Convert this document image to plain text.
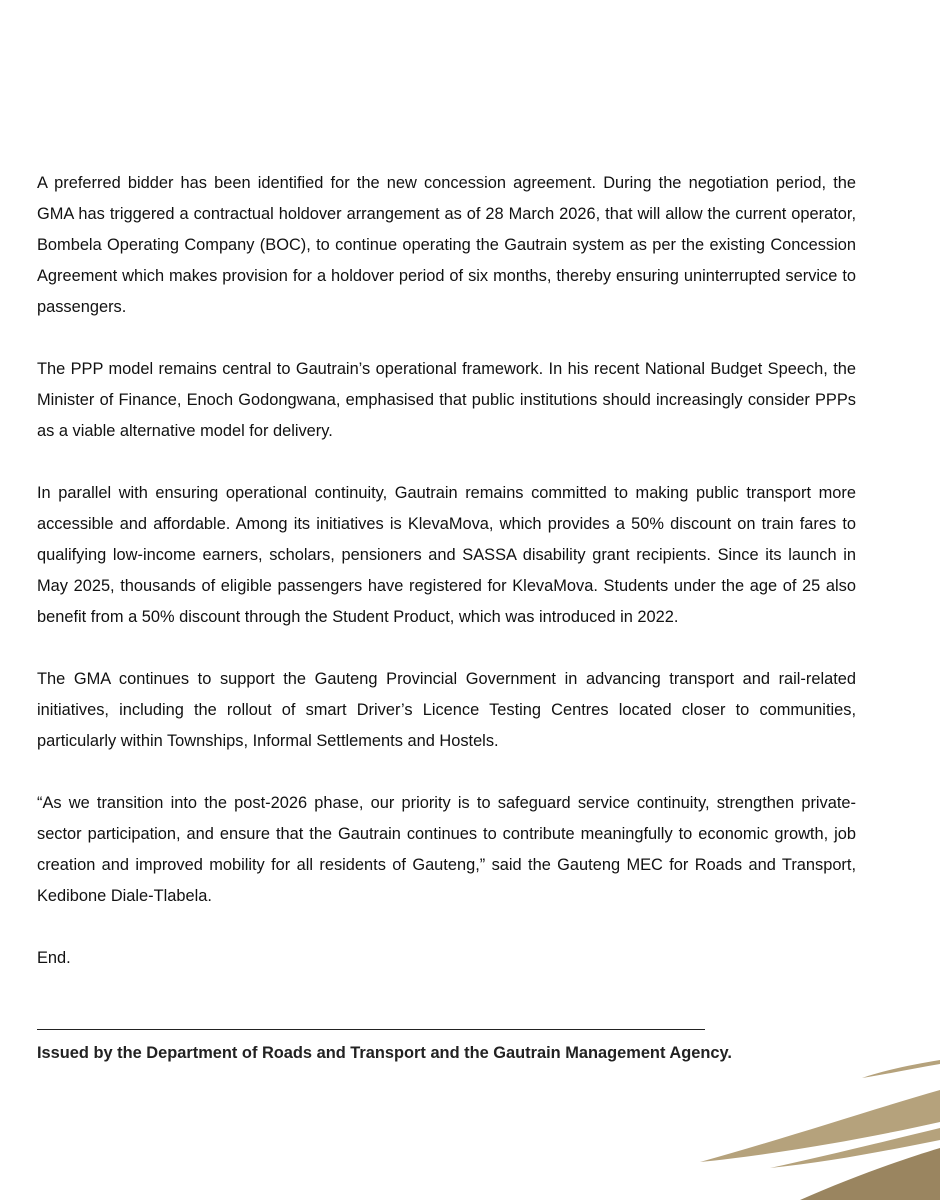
A preferred bidder has been identified for the new concession agreement. During the negotiation period, the GMA has triggered a contractual holdover arrangement as of 28 March 2026, that will allow the current operator, Bombela Operating Company (BOC), to continue operating the Gautrain system as per the existing Concession Agreement which makes provision for a holdover period of six months, thereby ensuring uninterrupted service to passengers.

The PPP model remains central to Gautrain’s operational framework. In his recent National Budget Speech, the Minister of Finance, Enoch Godongwana, emphasised that public institutions should increasingly consider PPPs as a viable alternative model for delivery.

In parallel with ensuring operational continuity, Gautrain remains committed to making public transport more accessible and affordable. Among its initiatives is KlevaMova, which provides a 50% discount on train fares to qualifying low-income earners, scholars, pensioners and SASSA disability grant recipients. Since its launch in May 2025, thousands of eligible passengers have registered for KlevaMova. Students under the age of 25 also benefit from a 50% discount through the Student Product, which was introduced in 2022.

The GMA continues to support the Gauteng Provincial Government in advancing transport and rail-related initiatives, including the rollout of smart Driver’s Licence Testing Centres located closer to communities, particularly within Townships, Informal Settlements and Hostels.

“As we transition into the post-2026 phase, our priority is to safeguard service continuity, strengthen private-sector participation, and ensure that the Gautrain continues to contribute meaningfully to economic growth, job creation and improved mobility for all residents of Gauteng,” said the Gauteng MEC for Roads and Transport, Kedibone Diale-Tlabela.

End.

Issued by the Department of Roads and Transport and the Gautrain Management Agency.
